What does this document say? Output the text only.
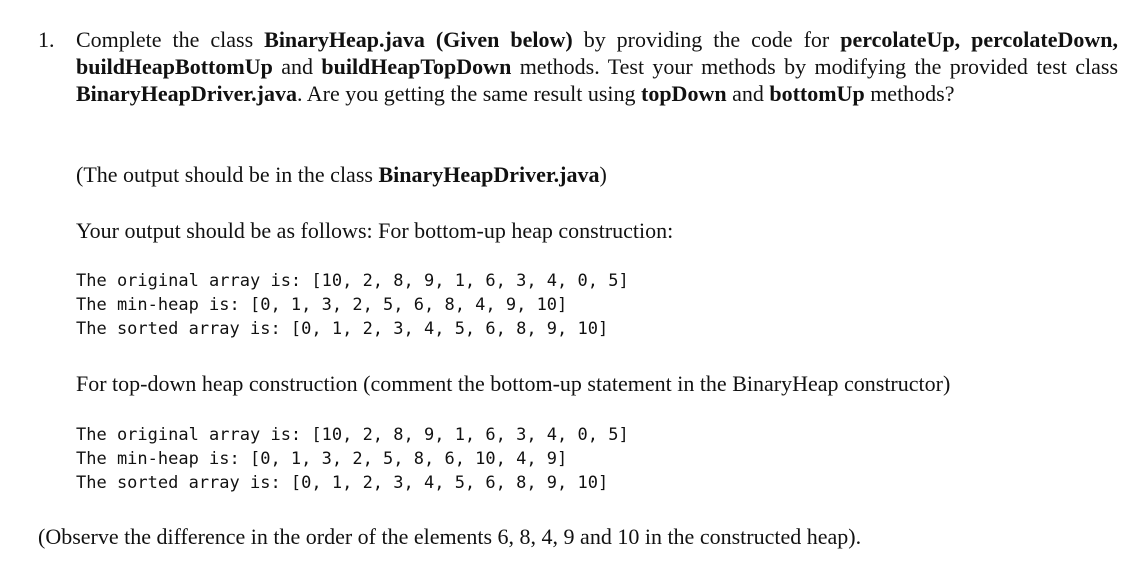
1. Complete the class BinaryHeap.java (Given below) by providing the code for percolateUp, percolateDown, buildHeapBottomUp and buildHeapTopDown methods. Test your methods by modifying the provided test class BinaryHeapDriver.java. Are you getting the same result using topDown and bottomUp methods?
(The output should be in the class BinaryHeapDriver.java)
Your output should be as follows: For bottom-up heap construction:
The original array is: [10, 2, 8, 9, 1, 6, 3, 4, 0, 5]
The min-heap is: [0, 1, 3, 2, 5, 6, 8, 4, 9, 10]
The sorted array is: [0, 1, 2, 3, 4, 5, 6, 8, 9, 10]
For top-down heap construction (comment the bottom-up statement in the BinaryHeap constructor)
The original array is: [10, 2, 8, 9, 1, 6, 3, 4, 0, 5]
The min-heap is: [0, 1, 3, 2, 5, 8, 6, 10, 4, 9]
The sorted array is: [0, 1, 2, 3, 4, 5, 6, 8, 9, 10]
(Observe the difference in the order of the elements 6, 8, 4, 9 and 10 in the constructed heap).
